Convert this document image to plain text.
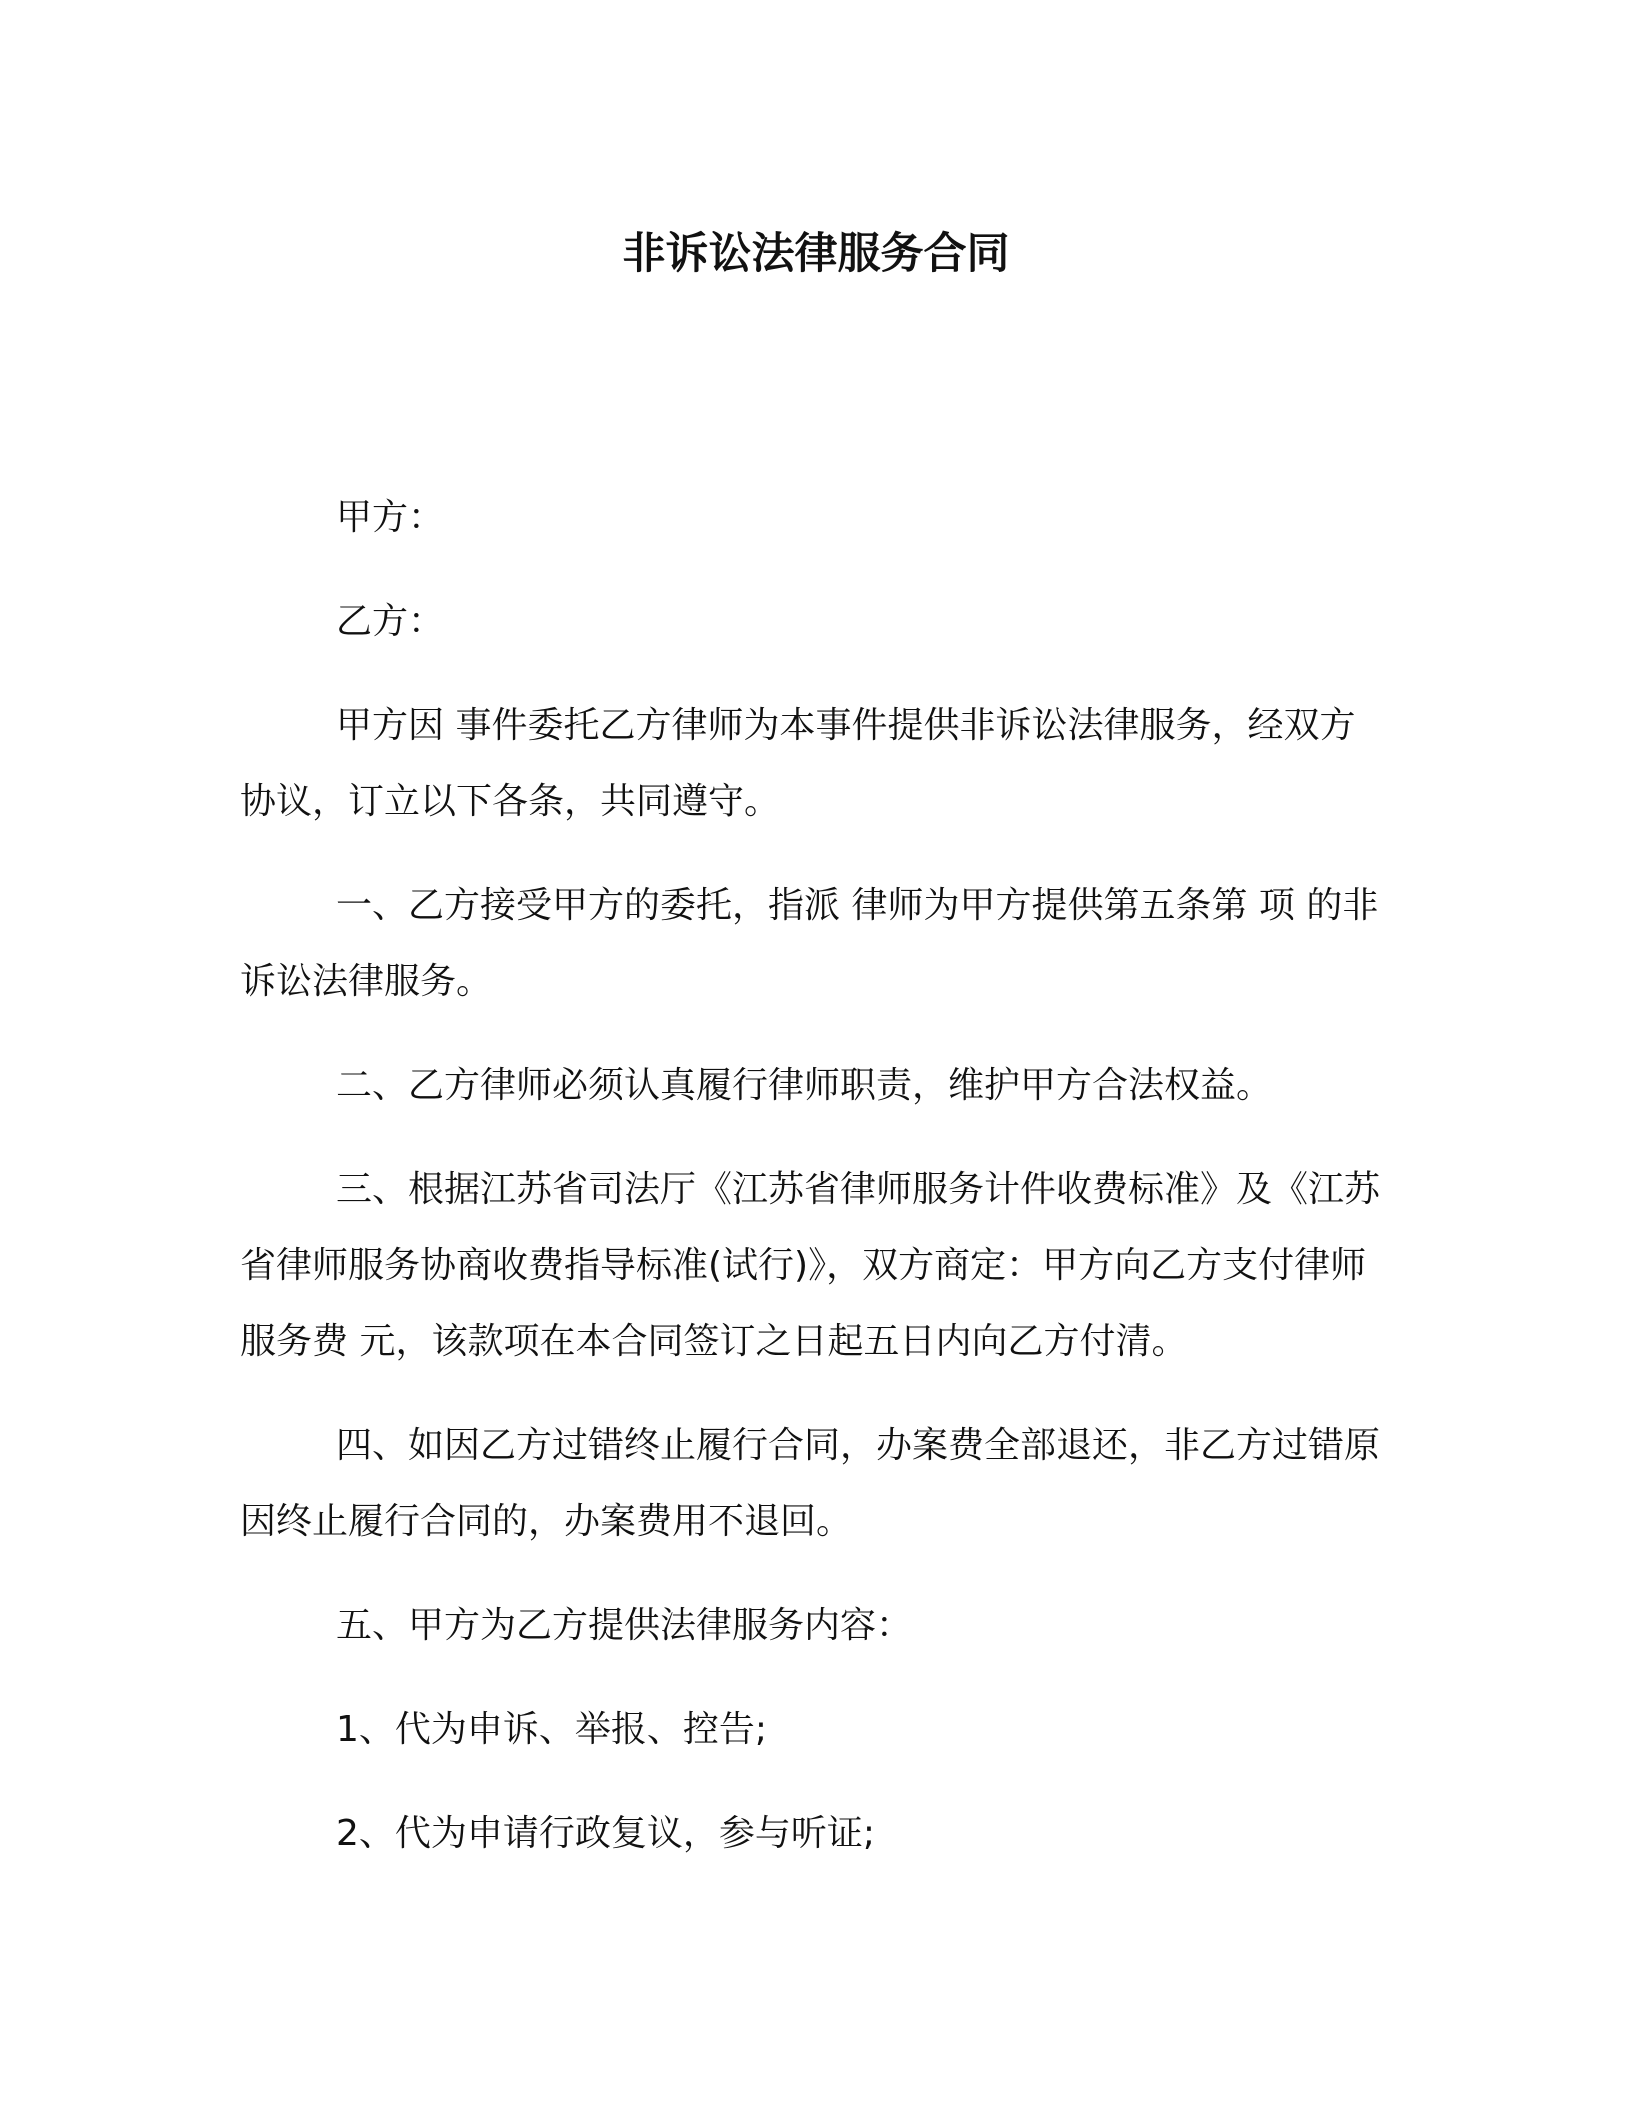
非诉讼法律服务合同

甲方：

乙方：

甲方因 事件委托乙方律师为本事件提供非诉讼法律服务，经双方协议，订立以下各条，共同遵守。

一、乙方接受甲方的委托，指派 律师为甲方提供第五条第 项 的非诉讼法律服务。

二、乙方律师必须认真履行律师职责，维护甲方合法权益。

三、根据江苏省司法厅《江苏省律师服务计件收费标准》及《江苏省律师服务协商收费指导标准(试行)》，双方商定：甲方向乙方支付律师服务费 元，该款项在本合同签订之日起五日内向乙方付清。

四、如因乙方过错终止履行合同，办案费全部退还，非乙方过错原因终止履行合同的，办案费用不退回。

五、甲方为乙方提供法律服务内容：

1、代为申诉、举报、控告;

2、代为申请行政复议，参与听证;
